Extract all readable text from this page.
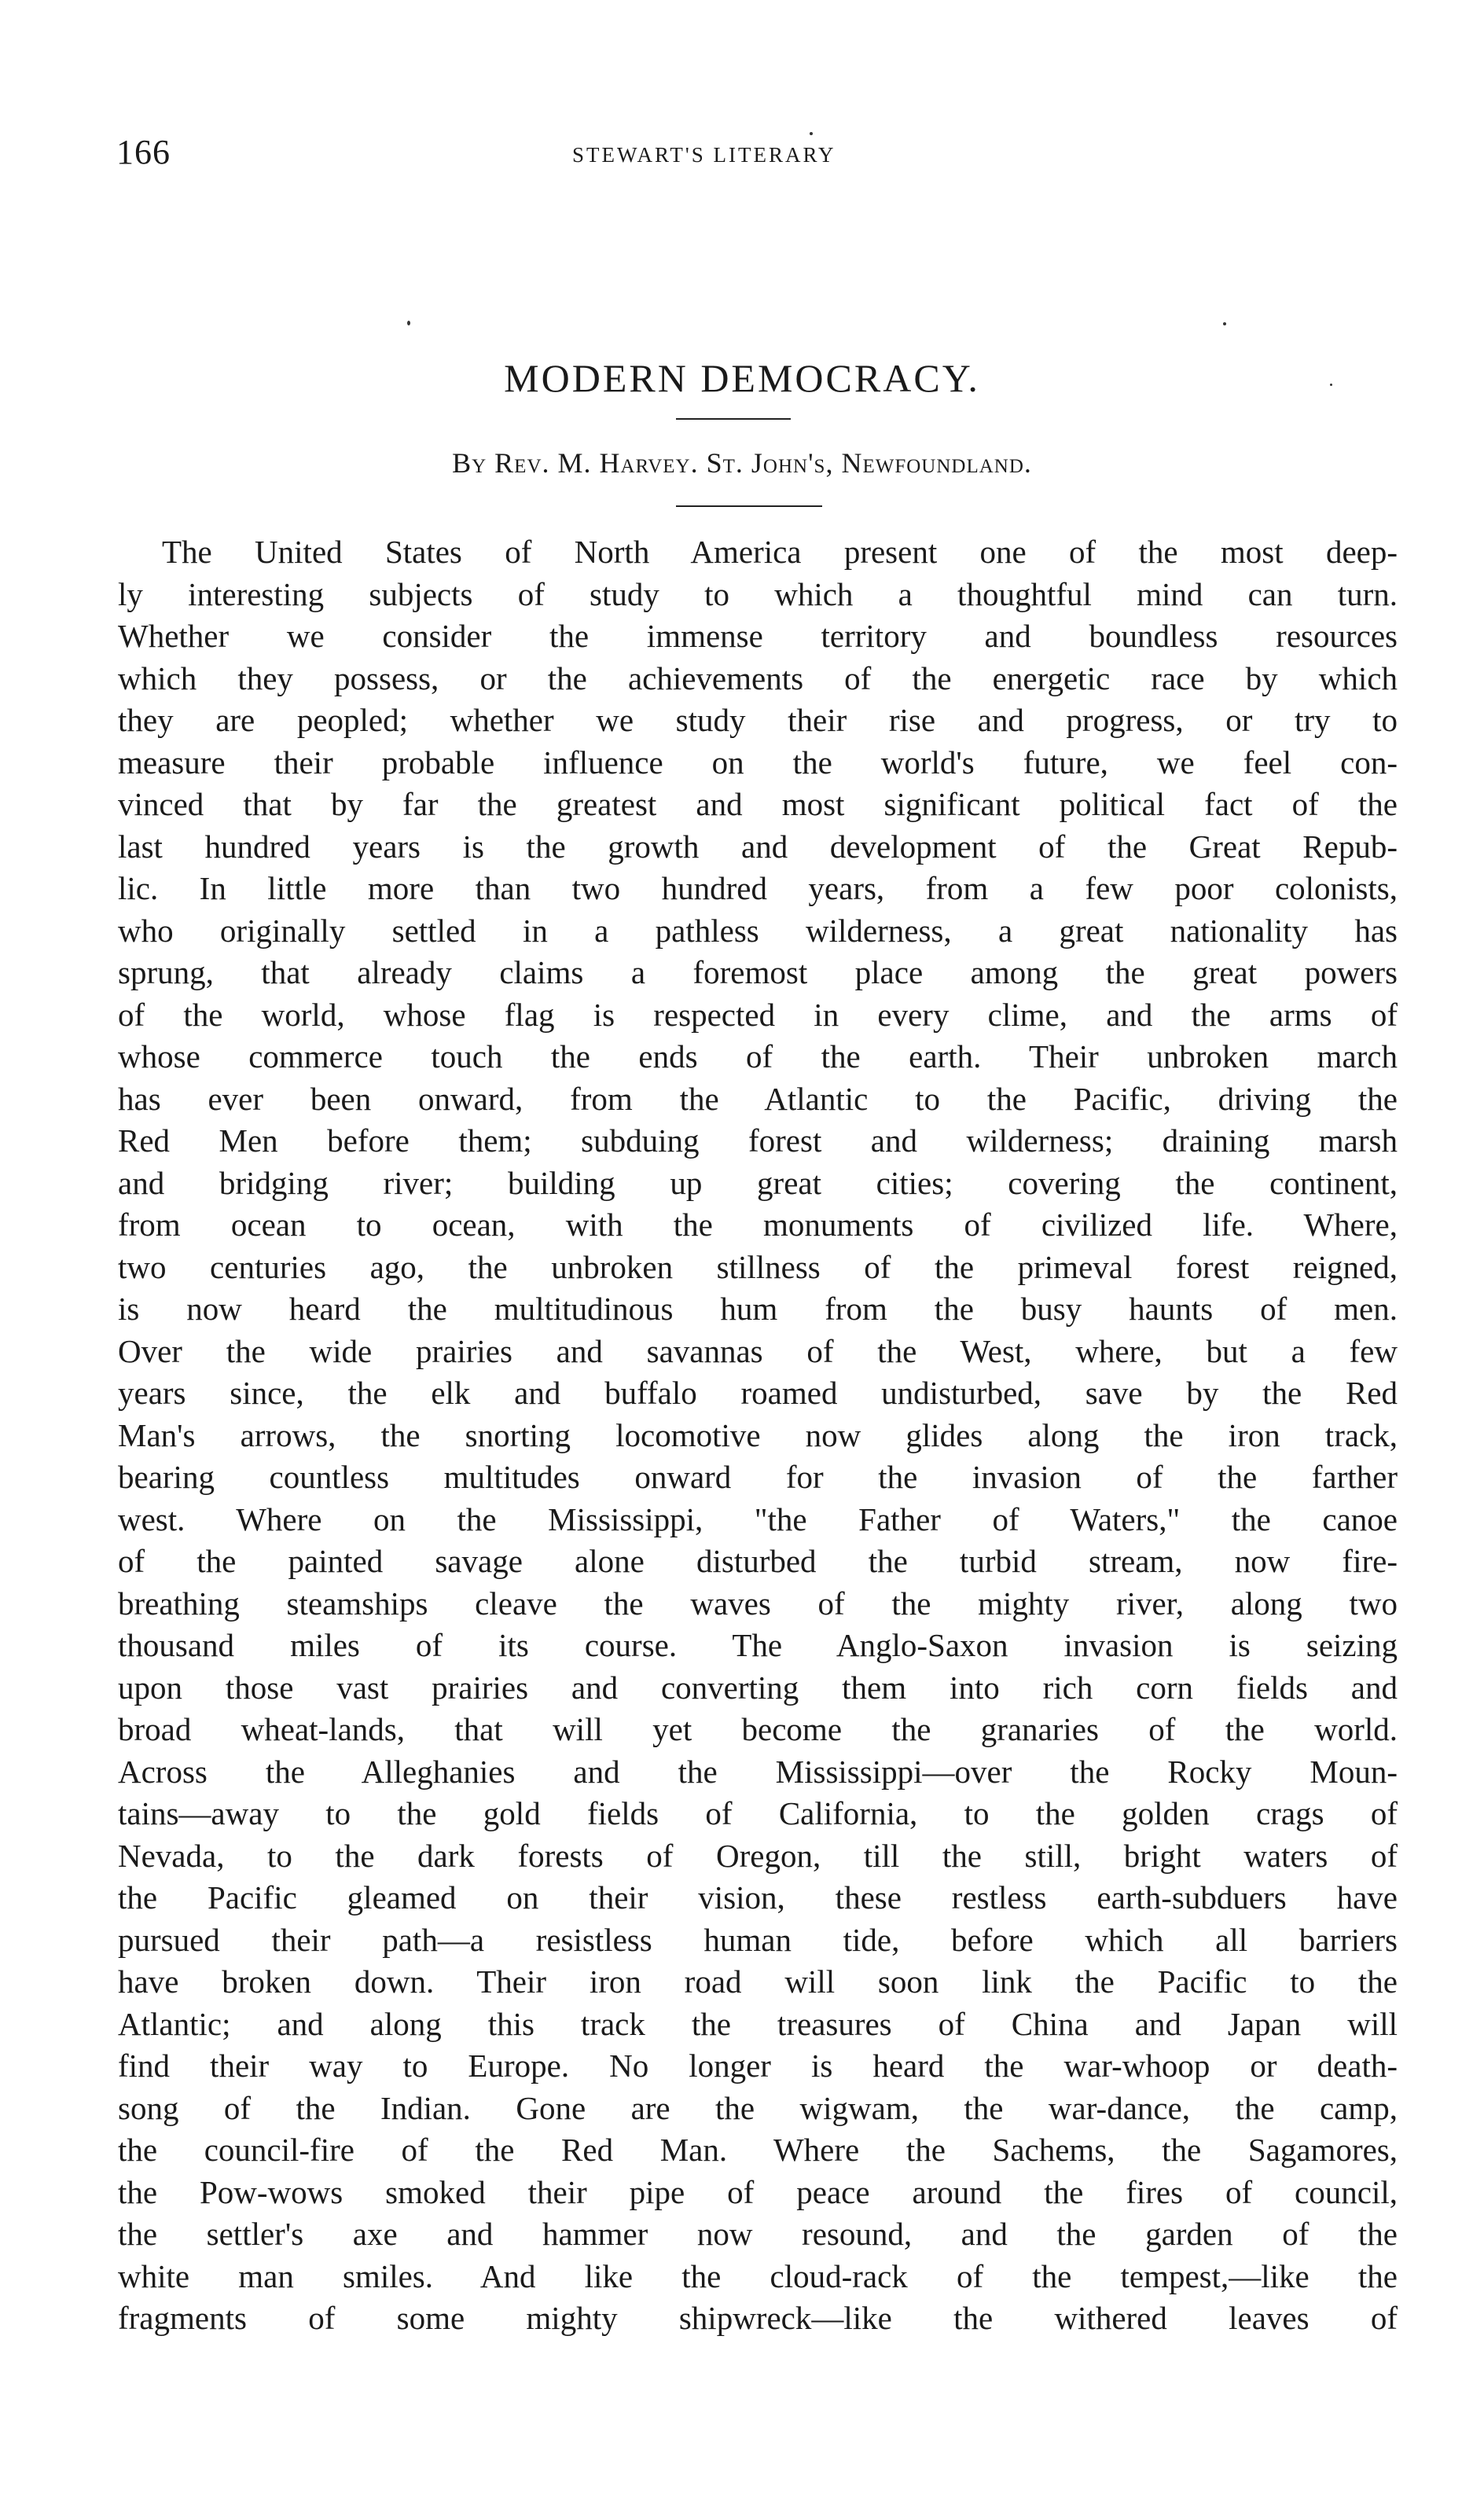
166	STEWART'S LITERARY
MODERN DEMOCRACY.
By Rev. M. Harvey. St. John's, Newfoundland.
The United States of North America present one of the most deep-
ly interesting subjects of study to which a thoughtful mind can turn.
Whether we consider the immense territory and boundless resources
which they possess, or the achievements of the energetic race by which
they are peopled; whether we study their rise and progress, or try to
measure their probable influence on the world's future, we feel con-
vinced that by far the greatest and most significant political fact of the
last hundred years is the growth and development of the Great Repub-
lic. In little more than two hundred years, from a few poor colonists,
who originally settled in a pathless wilderness, a great nationality has
sprung, that already claims a foremost place among the great powers
of the world, whose flag is respected in every clime, and the arms of
whose commerce touch the ends of the earth. Their unbroken march
has ever been onward, from the Atlantic to the Pacific, driving the
Red Men before them; subduing forest and wilderness; draining marsh
and bridging river; building up great cities; covering the continent,
from ocean to ocean, with the monuments of civilized life. Where,
two centuries ago, the unbroken stillness of the primeval forest reigned,
is now heard the multitudinous hum from the busy haunts of men.
Over the wide prairies and savannas of the West, where, but a few
years since, the elk and buffalo roamed undisturbed, save by the Red
Man's arrows, the snorting locomotive now glides along the iron track,
bearing countless multitudes onward for the invasion of the farther
west. Where on the Mississippi, "the Father of Waters," the canoe
of the painted savage alone disturbed the turbid stream, now fire-
breathing steamships cleave the waves of the mighty river, along two
thousand miles of its course. The Anglo-Saxon invasion is seizing
upon those vast prairies and converting them into rich corn fields and
broad wheat-lands, that will yet become the granaries of the world.
Across the Alleghanies and the Mississippi—over the Rocky Moun-
tains—away to the gold fields of California, to the golden crags of
Nevada, to the dark forests of Oregon, till the still, bright waters of
the Pacific gleamed on their vision, these restless earth-subduers have
pursued their path—a resistless human tide, before which all barriers
have broken down. Their iron road will soon link the Pacific to the
Atlantic; and along this track the treasures of China and Japan will
find their way to Europe. No longer is heard the war-whoop or death-
song of the Indian. Gone are the wigwam, the war-dance, the camp,
the council-fire of the Red Man. Where the Sachems, the Sagamores,
the Pow-wows smoked their pipe of peace around the fires of council,
the settler's axe and hammer now resound, and the garden of the
white man smiles. And like the cloud-rack of the tempest,—like the
fragments of some mighty shipwreck—like the withered leaves of
